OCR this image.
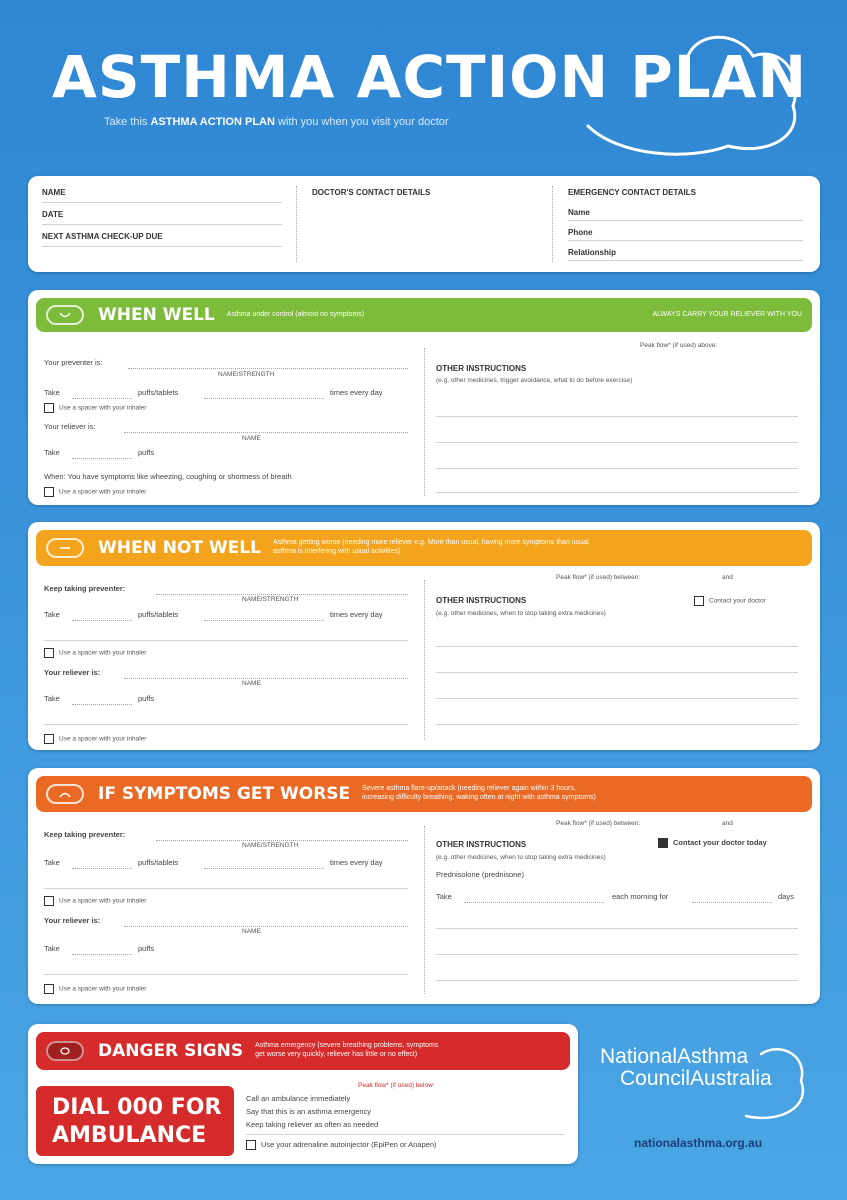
ASTHMA ACTION PLAN
Take this ASTHMA ACTION PLAN with you when you visit your doctor
NAME
DATE
NEXT ASTHMA CHECK-UP DUE
DOCTOR'S CONTACT DETAILS	EMERGENCY CONTACT DETAILS
Name
Phone
Relationship
WHEN WELL Asthma under control (almost no symptoms)	ALWAYS CARRY YOUR RELIEVER WITH YOU
Peak flow* (if used) above:
Your preventer is:
NAME/STRENGTH
Take	puffs/tablets	times every day
Use a spacer with your inhaler
Your reliever is:
NAME
Take	puffs
When: You have symptoms like wheezing, coughing or shortness of breath
Use a spacer with your inhaler
OTHER INSTRUCTIONS
(e.g. other medicines, trigger avoidance, what to do before exercise)
WHEN NOT WELL Asthma getting worse (needing more reliever e.g. More than usual, having more symptoms than usual,
asthma is interfering with usual activities)
Peak flow* (if used) between:	and
Keep taking preventer:
NAME/STRENGTH
Take	puffs/tablets	times every day
Use a spacer with your inhaler
Your reliever is:
NAME
Take	puffs
Use a spacer with your inhaler
OTHER INSTRUCTIONS
(e.g. other medicines, when to stop taking extra medicines)
Contact your doctor
IF SYMPTOMS GET WORSE Severe asthma flare-up/attack (needing reliever again within 3 hours,
increasing difficulty breathing, waking often at night with asthma symptoms)
Peak flow* (if used) between:	and
Keep taking preventer:
NAME/STRENGTH
Take	puffs/tablets	times every day
Use a spacer with your inhaler
Your reliever is:
NAME
Take	puffs
Use a spacer with your inhaler
OTHER INSTRUCTIONS
(e.g. other medicines, when to stop taking extra medicines)
Contact your doctor today
Prednisolone (prednisone)
Take	each morning for	days
DANGER SIGNS Asthma emergency (severe breathing problems, symptoms
get worse very quickly, reliever has little or no effect)
DIAL 000 FOR
AMBULANCE
Peak flow* (if used) below:
Call an ambulance immediately
Say that this is an asthma emergency
Keep taking reliever as often as needed
Use your adrenaline autoinjector (EpiPen or Anapen)
NationalAsthma
CouncilAustralia
nationalasthma.org.au
